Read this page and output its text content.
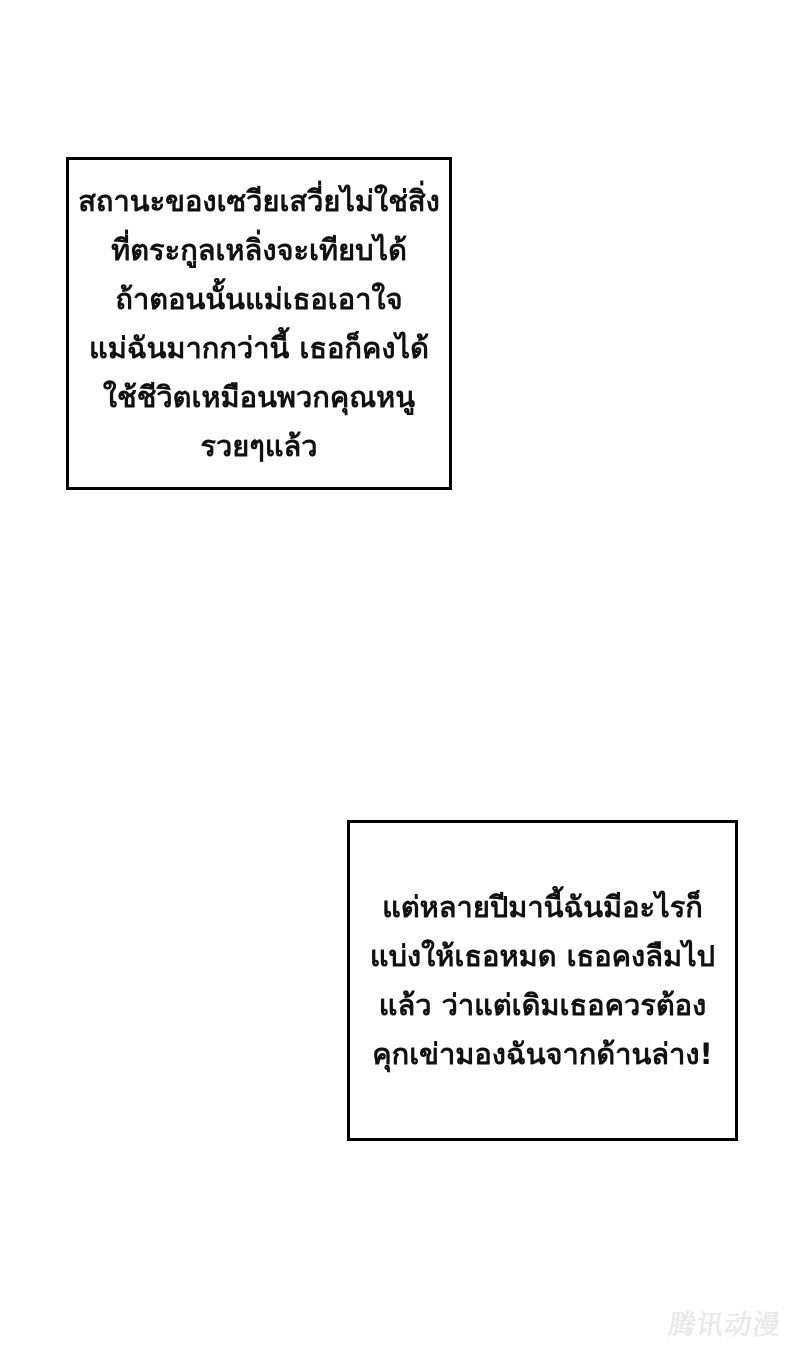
สถานะของเซวียเสวี่ยไม่ใช่สิ่ง
ที่ตระกูลเหลิ่งจะเทียบได้
ถ้าตอนนั้นแม่เธอเอาใจ
แม่ฉันมากกว่านี้ เธอก็คงได้
ใช้ชีวิตเหมือนพวกคุณหนู
รวยๆแล้ว
แต่หลายปีมานี้ฉันมีอะไรก็
แบ่งให้เธอหมด เธอคงลืมไป
แล้ว ว่าแต่เดิมเธอควรต้อง
คุกเข่ามองฉันจากด้านล่าง!
腾讯动漫
